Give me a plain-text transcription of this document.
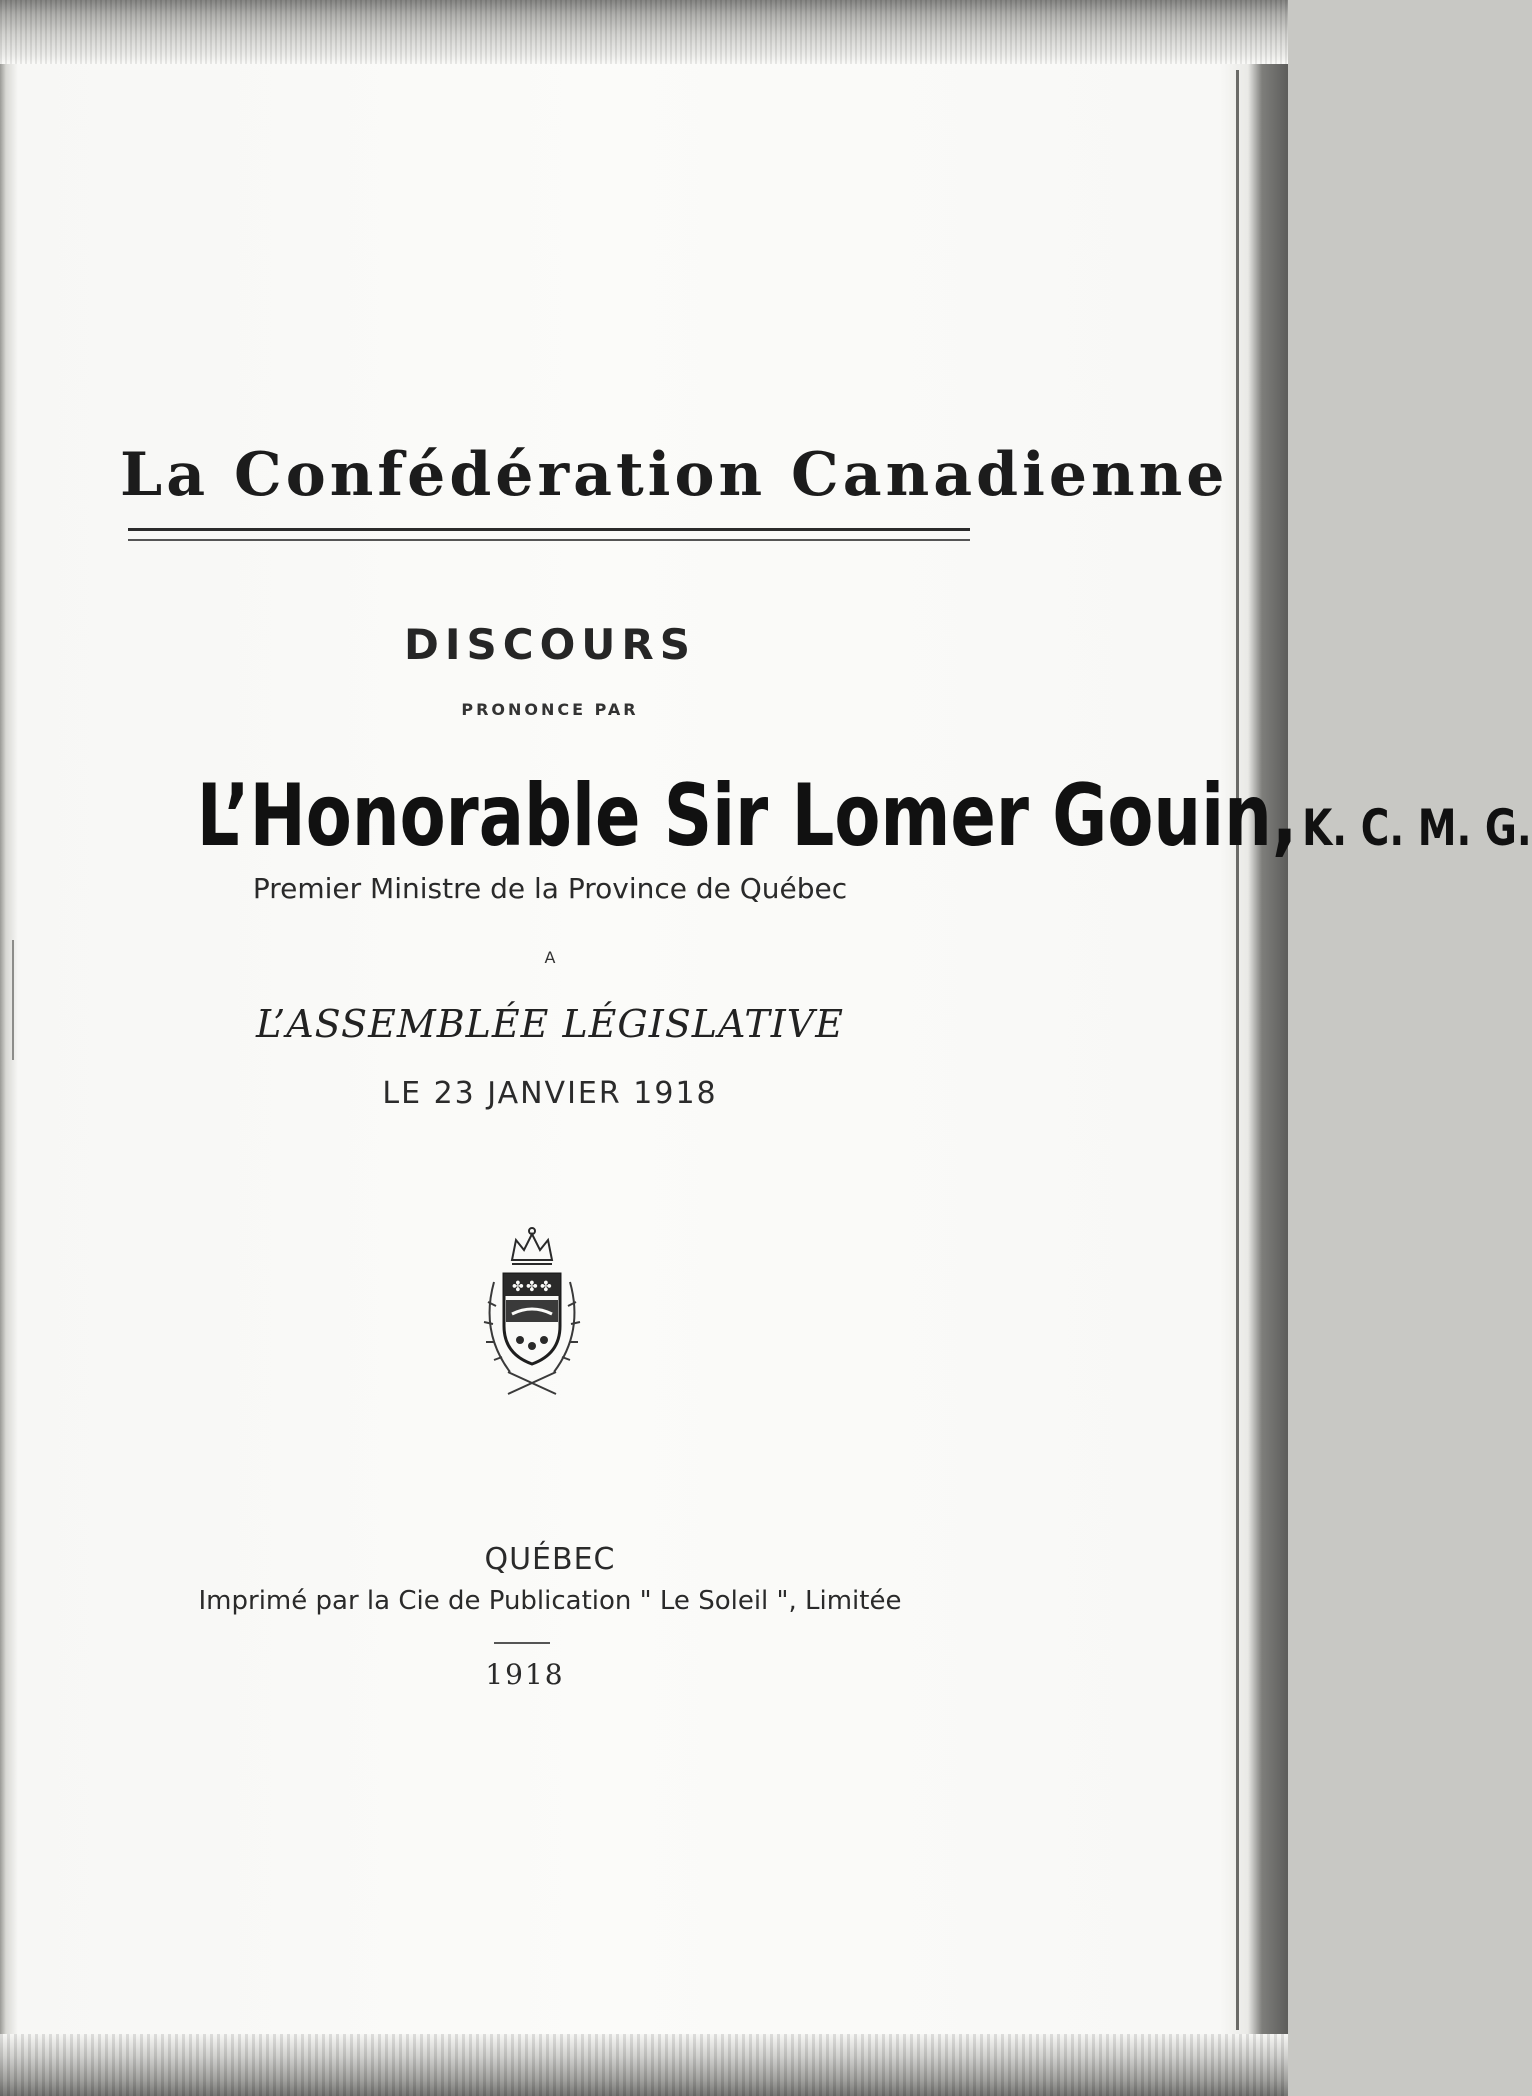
La Confédération Canadienne
DISCOURS
PRONONCE PAR
L’Honorable Sir Lomer Gouin,K. C. M. G.
Premier Ministre de la Province de Québec
A
L’ASSEMBLÉE LÉGISLATIVE
LE 23 JANVIER 1918
✤ ✤ ✤
QUÉBEC
Imprimé par la Cie de Publication " Le Soleil ", Limitée
1918
